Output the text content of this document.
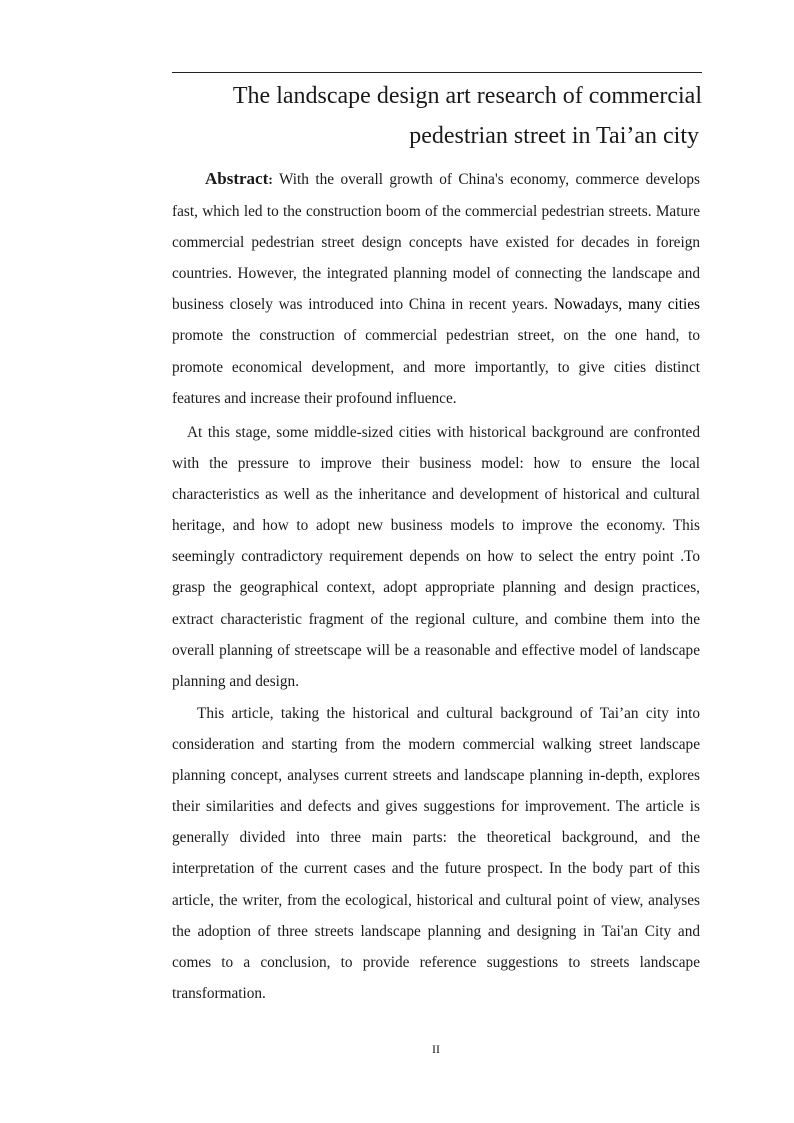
The landscape design art research of commercial
pedestrian street in Tai’an city
Abstract: With the overall growth of China's economy, commerce develops fast, which led to the construction boom of the commercial pedestrian streets. Mature commercial pedestrian street design concepts have existed for decades in foreign countries. However, the integrated planning model of connecting the landscape and business closely was introduced into China in recent years. Nowadays, many cities promote the construction of commercial pedestrian street, on the one hand, to promote economical development, and more importantly, to give cities distinct features and increase their profound influence.
At this stage, some middle-sized cities with historical background are confronted with the pressure to improve their business model: how to ensure the local characteristics as well as the inheritance and development of historical and cultural heritage, and how to adopt new business models to improve the economy. This seemingly contradictory requirement depends on how to select the entry point .To grasp the geographical context, adopt appropriate planning and design practices, extract characteristic fragment of the regional culture, and combine them into the overall planning of streetscape will be a reasonable and effective model of landscape planning and design.
This article, taking the historical and cultural background of Tai’an city into consideration and starting from the modern commercial walking street landscape planning concept, analyses current streets and landscape planning in-depth, explores their similarities and defects and gives suggestions for improvement. The article is generally divided into three main parts: the theoretical background, and the interpretation of the current cases and the future prospect. In the body part of this article, the writer, from the ecological, historical and cultural point of view, analyses the adoption of three streets landscape planning and designing in Tai'an City and comes to a conclusion, to provide reference suggestions to streets landscape transformation.
II
